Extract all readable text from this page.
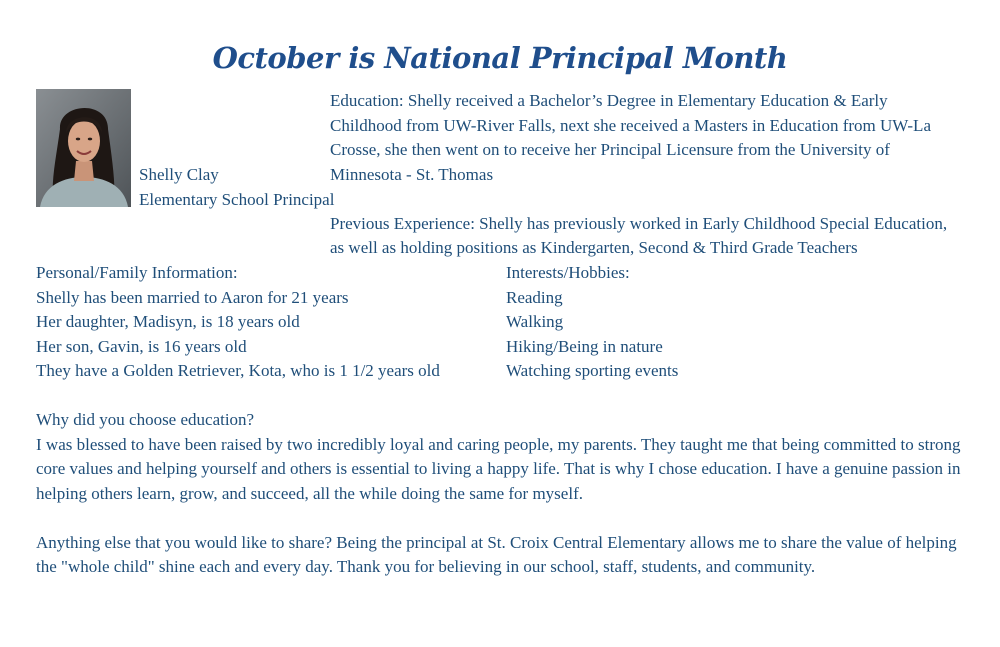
October is National Principal Month
Shelly Clay
Elementary School Principal

Education: Shelly received a Bachelor’s Degree in Elementary Education & Early Childhood from UW-River Falls, next she received a Masters in Education from UW-La Crosse, she then went on to receive her Principal Licensure from the University of Minnesota - St. Thomas

Previous Experience: Shelly has previously worked in Early Childhood Special Education, as well as holding positions as Kindergarten, Second & Third Grade Teachers

Personal/Family Information:
Shelly has been married to Aaron for 21 years
Her daughter, Madisyn, is 18 years old
Her son, Gavin, is 16 years old
They have a Golden Retriever, Kota, who is 1 1/2 years old
Interests/Hobbies:
Reading
Walking
Hiking/Being in nature
Watching sporting events

Why did you choose education?
I was blessed to have been raised by two incredibly loyal and caring people, my parents. They taught me that being committed to strong core values and helping yourself and others is essential to living a happy life. That is why I chose education. I have a genuine passion in helping others learn, grow, and succeed, all the while doing the same for myself.

Anything else that you would like to share? Being the principal at St. Croix Central Elementary allows me to share the value of helping the "whole child" shine each and every day. Thank you for believing in our school, staff, students, and community.
